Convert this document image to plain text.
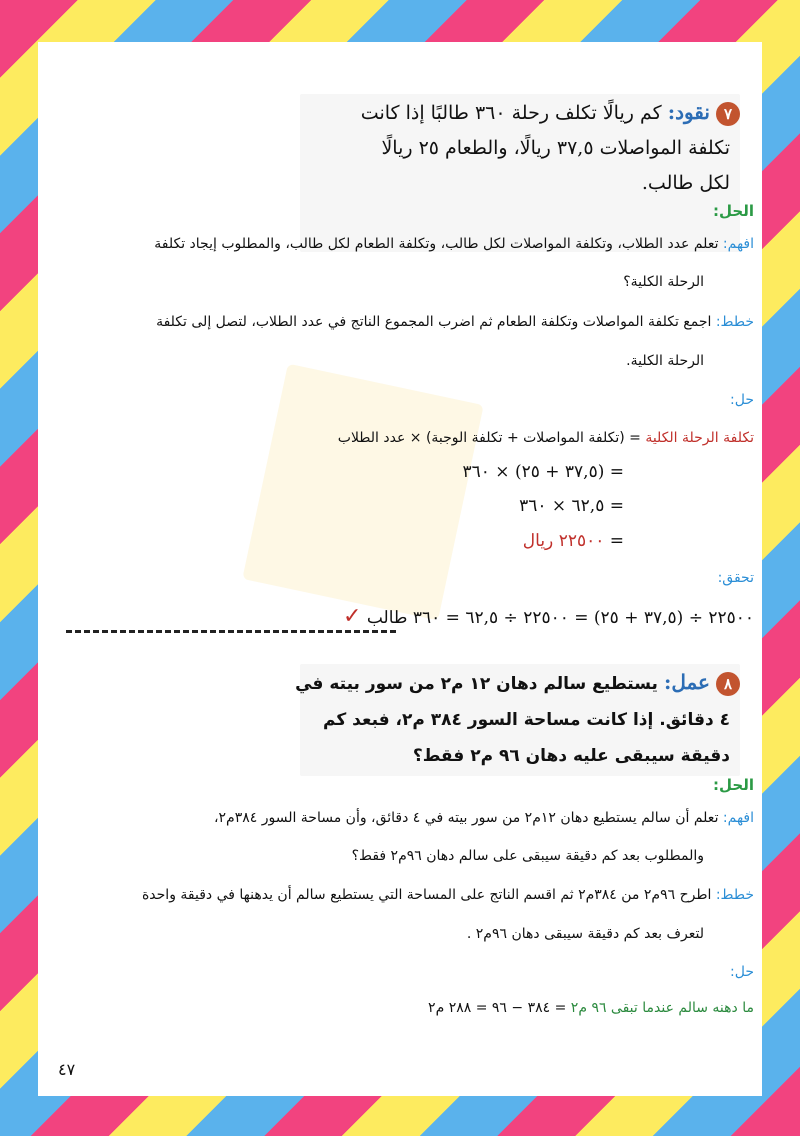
٧نقود: كم ريالًا تكلف رحلة ٣٦٠ طالبًا إذا كانت
تكلفة المواصلات ٣٧,٥ ريالًا، والطعام ٢٥ ريالًا
لكل طالب.
الحل:
افهم: تعلم عدد الطلاب، وتكلفة المواصلات لكل طالب، وتكلفة الطعام لكل طالب، والمطلوب إيجاد تكلفة
الرحلة الكلية؟
خطط: اجمع تكلفة المواصلات وتكلفة الطعام ثم اضرب المجموع الناتج في عدد الطلاب، لتصل إلى تكلفة
الرحلة الكلية.
حل:
تكلفة الرحلة الكلية = (تكلفة المواصلات + تكلفة الوجبة) × عدد الطلاب
= (٣٧,٥ + ٢٥) × ٣٦٠
= ٦٢,٥ × ٣٦٠
= ٢٢٥٠٠ ريال
تحقق:
٢٢٥٠٠ ÷ (٣٧,٥ + ٢٥) = ٢٢٥٠٠ ÷ ٦٢,٥ = ٣٦٠ طالب ✓
٨عمل: يستطيع سالم دهان ١٢ م٢ من سور بيته في
٤ دقائق. إذا كانت مساحة السور ٣٨٤ م٢، فبعد كم
دقيقة سيبقى عليه دهان ٩٦ م٢ فقط؟
الحل:
افهم: تعلم أن سالم يستطيع دهان ١٢م٢ من سور بيته في ٤ دقائق، وأن مساحة السور ٣٨٤م٢،
والمطلوب بعد كم دقيقة سيبقى على سالم دهان ٩٦م٢ فقط؟
خطط: اطرح ٩٦م٢ من ٣٨٤م٢ ثم اقسم الناتج على المساحة التي يستطيع سالم أن يدهنها في دقيقة واحدة
لتعرف بعد كم دقيقة سيبقى دهان ٩٦م٢ .
حل:
ما دهنه سالم عندما تبقى ٩٦ م٢ = ٣٨٤ − ٩٦ = ٢٨٨ م٢
٤٧
